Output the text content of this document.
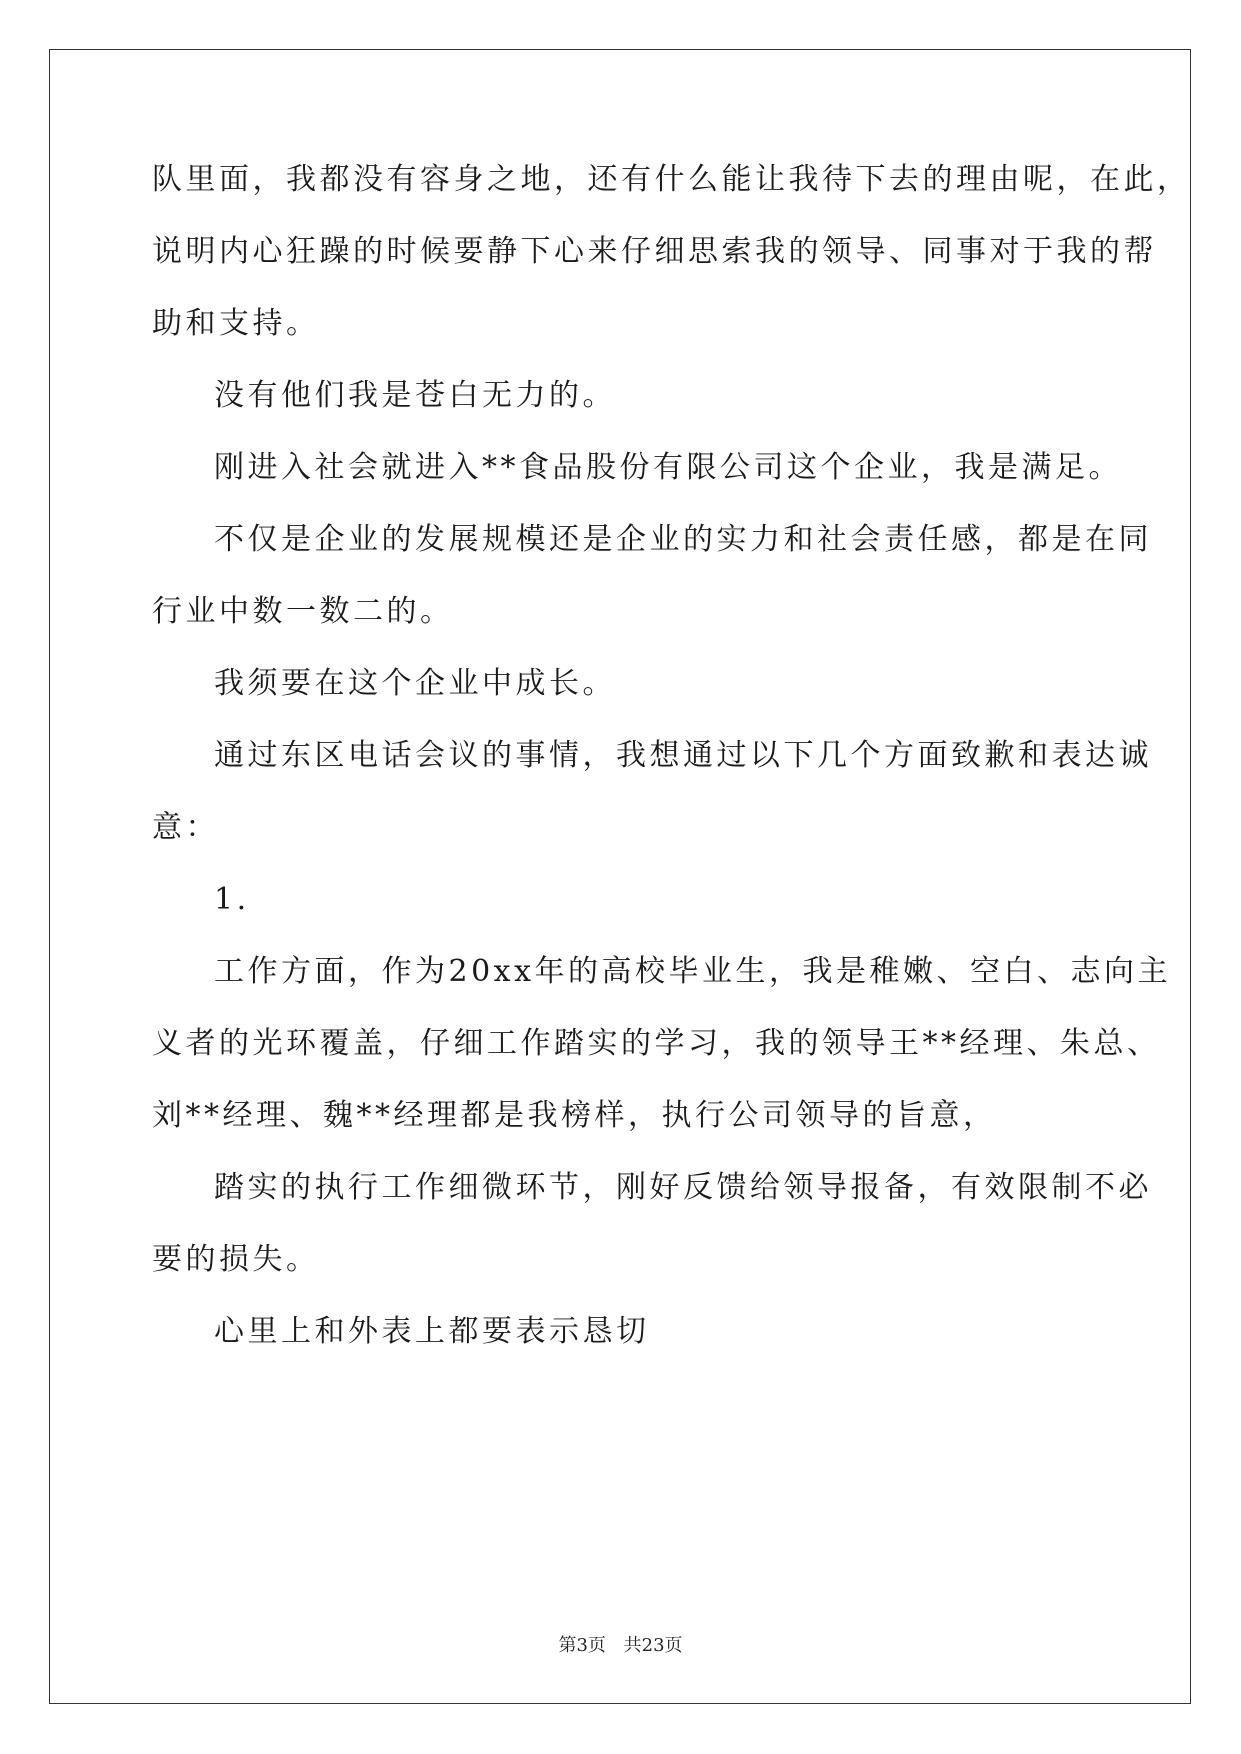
队里面，我都没有容身之地，还有什么能让我待下去的理由呢，在此，
说明内心狂躁的时候要静下心来仔细思索我的领导、同事对于我的帮
助和支持。
没有他们我是苍白无力的。
刚进入社会就进入**食品股份有限公司这个企业，我是满足。
不仅是企业的发展规模还是企业的实力和社会责任感，都是在同
行业中数一数二的。
我须要在这个企业中成长。
通过东区电话会议的事情，我想通过以下几个方面致歉和表达诚
意：
1.
工作方面，作为20xx年的高校毕业生，我是稚嫩、空白、志向主
义者的光环覆盖，仔细工作踏实的学习，我的领导王**经理、朱总、
刘**经理、魏**经理都是我榜样，执行公司领导的旨意，
踏实的执行工作细微环节，刚好反馈给领导报备，有效限制不必
要的损失。
心里上和外表上都要表示恳切
第3页 共23页
